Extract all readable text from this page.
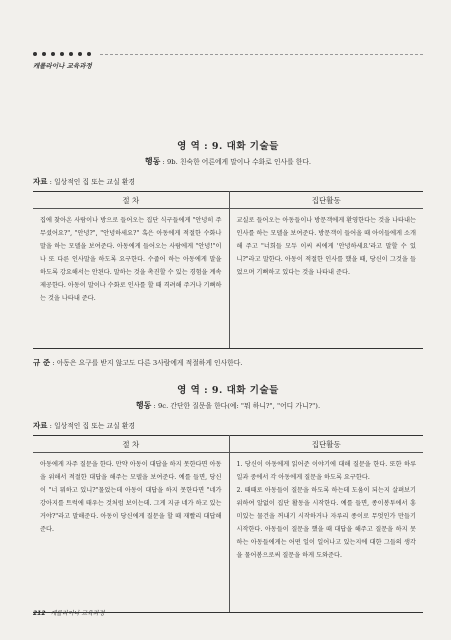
캐롤라이나 교육과정
영 역 : 9. 대화 기술들
행동 : 9b. 친숙한 어른에게 말이나 수화로 인사를 한다.
자료 : 일상적인 집 또는 교실 환경
절 차	집단활동
집에 찾아온 사람이나 방으로 들어오는 집단 식구들에게 "안녕히 주무셨어요?", "안녕?", "안녕하세요?" 혹은 아동에게 적절한 수화나 말을 하는 모델을 보여준다. 아동에게 들어오는 사람에게 "안녕!"이나 또 다른 인사말을 하도록 요구한다. 수줍어 하는 아동에게 말을 하도록 강요해서는 안된다. 말하는 것을 촉진할 수 있는 경험을 계속 제공한다. 아동이 말이나 수화로 인사를 할 때 격려해 주거나 기뻐하는 것을 나타내 준다.	교실로 들어오는 아동들이나 방문객에게 환영한다는 것을 나타내는 인사를 하는 모델을 보여준다. 방문객이 들어올 때 아이들에게 소개해 주고 "너희들 모두 이씨 씨에게 '안녕하세요'라고 말할 수 있니?"라고 말한다. 아동이 적절한 인사를 했을 때, 당신이 그것을 들었으며 기뻐하고 있다는 것을 나타내 준다.
규 준 : 아동은 요구를 받지 않고도 다른 3사람에게 적절하게 인사한다.
영 역 : 9. 대화 기술들
행동 : 9c. 간단한 질문을 한다(예: "뭐 하니?", "어디 가니?").
자료 : 일상적인 집 또는 교실 환경
절 차	집단활동
아동에게 자주 질문을 한다. 만약 아동이 대답을 하지 못한다면 아동을 위해서 적절한 대답을 해주는 모델을 보여준다. 예를 들면, 당신이 "너 뭐하고 있니?"물었는데 아동이 대답을 하지 못한다면 "네가 강아지를 트럭에 태우는 것처럼 보이는데. 그게 지금 네가 하고 있는거야?"라고 말해준다. 아동이 당신에게 질문을 할 때 재빨리 대답해 준다.	1. 당신이 아동에게 읽어준 이야기에 대해 질문을 한다. 또한 하루 일과 중에서 각 아동에게 질문을 하도록 요구한다.

2. 때때로 아동들이 질문을 하도록 하는데 도움이 되는지 살펴보기 위하여 알없이 집단 활동을 시작한다. 예를 들면, 종이봉투에서 흥미있는 물건을 꺼내기 시작하거나 자루리 종이로 무엇인가 만들기 시작한다. 아동들이 질문을 했을 때 대답을 해주고 질문을 하지 못하는 아동들에게는 어떤 일이 일어나고 있는지에 대한 그들의 생각을 물어봄으로써 질문을 하게 도와준다.

212 캐롤라이나 교육과정
